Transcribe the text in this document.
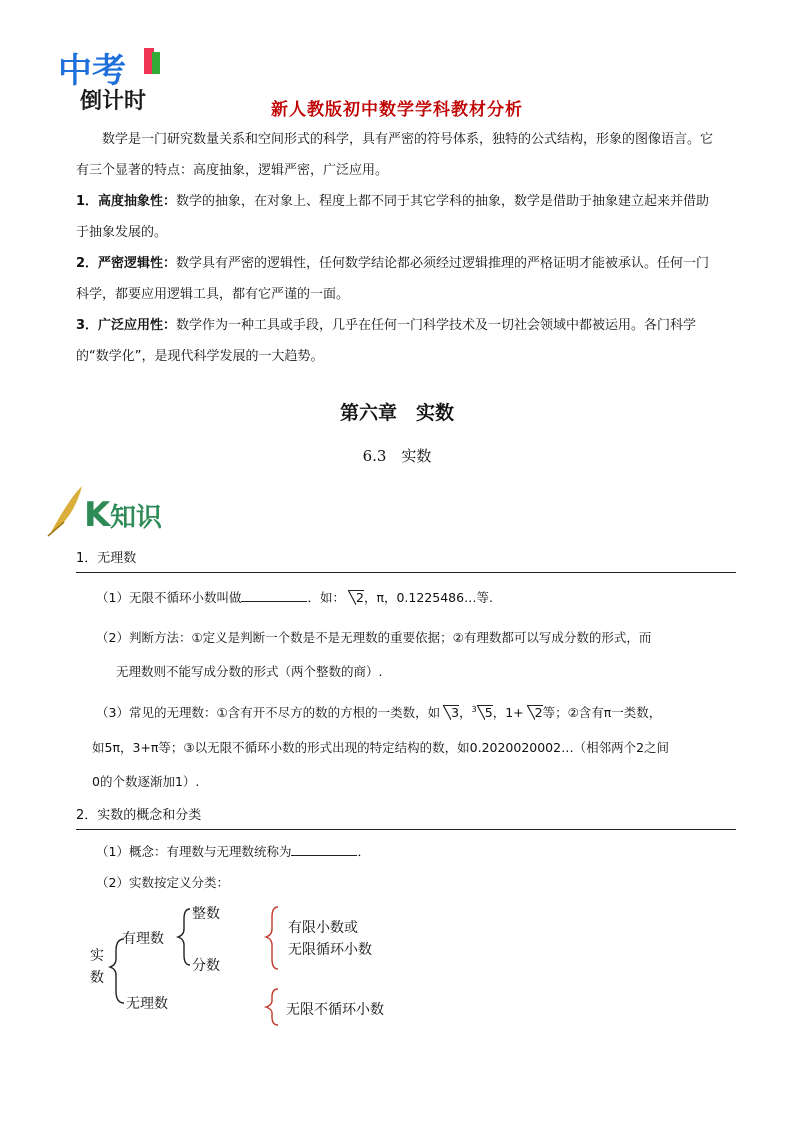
中考
倒计时	新人教版初中数学学科教材分析
数学是一门研究数量关系和空间形式的科学，具有严密的符号体系，独特的公式结构，形象的图像语言。它有三个显著的特点：高度抽象，逻辑严密，广泛应用。
1．高度抽象性：数学的抽象，在对象上、程度上都不同于其它学科的抽象，数学是借助于抽象建立起来并借助于抽象发展的。
2．严密逻辑性：数学具有严密的逻辑性，任何数学结论都必须经过逻辑推理的严格证明才能被承认。任何一门科学，都要应用逻辑工具，都有它严谨的一面。
3．广泛应用性：数学作为一种工具或手段，几乎在任何一门科学技术及一切社会领域中都被运用。各门科学的“数学化”，是现代科学发展的一大趋势。
第六章　实数
6.3　实数
K 知识
1．无理数
（1）无限不循环小数叫做	．如： 2，π，0.1225486…等.
（2）判断方法：①定义是判断一个数是不是无理数的重要依据；②有理数都可以写成分数的形式，而
无理数则不能写成分数的形式（两个整数的商）.
（3）常见的无理数：①含有开不尽方的数的方根的一类数，如 3，$^3$ 5，1+ 2等；②含有π一类数，
如5π，3+π等；③以无限不循环小数的形式出现的特定结构的数，如0.2020020002…（相邻两个2之间
0的个数逐渐加1）.
2．实数的概念和分类
（1）概念：有理数与无理数统称为	．
（2）实数按定义分类：
实
数
有理数
整数
分数
无理数
有限小数或
无限循环小数
无限不循环小数
